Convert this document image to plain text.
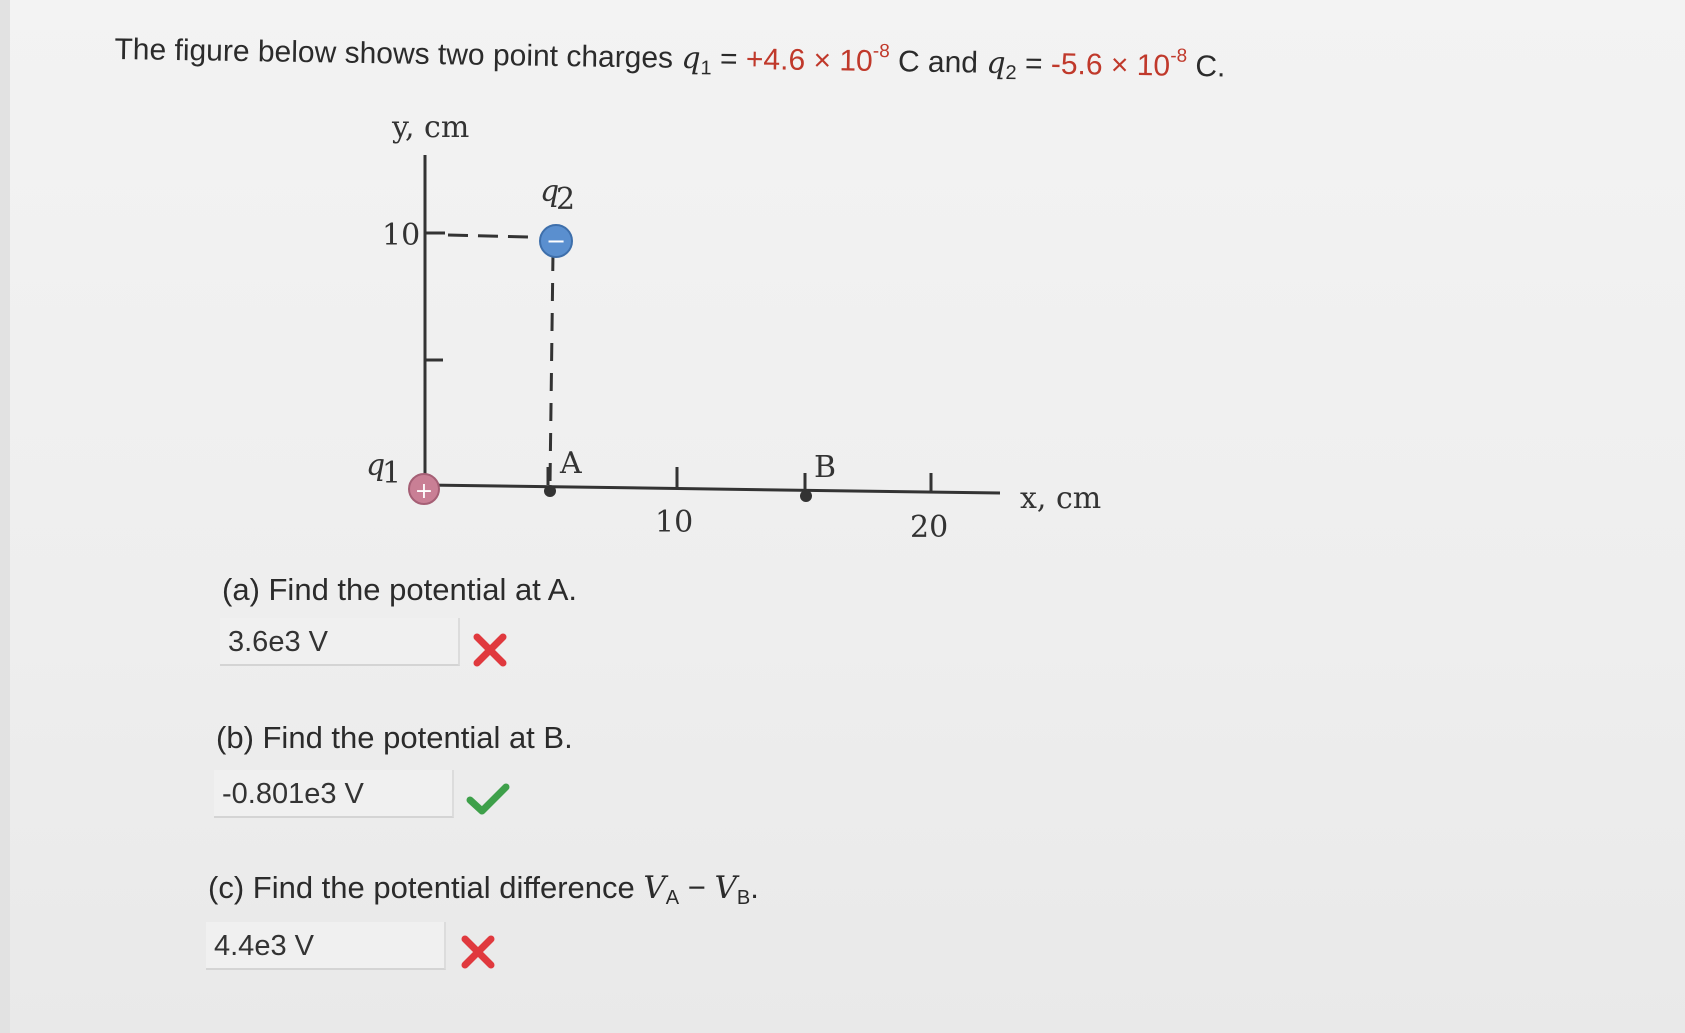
The figure below shows two point charges $q_1 = +4.6 \times 10^{-8}$ C and $q_2 = -5.6 \times 10^{-8}$ C.
+
−
y, cm
x, cm
10
10	20
A	B
q
1
q
2
(a) Find the potential at A.
3.6e3 V
(b) Find the potential at B.
-0.801e3 V
(c) Find the potential difference $V_A - V_B$.
4.4e3 V
